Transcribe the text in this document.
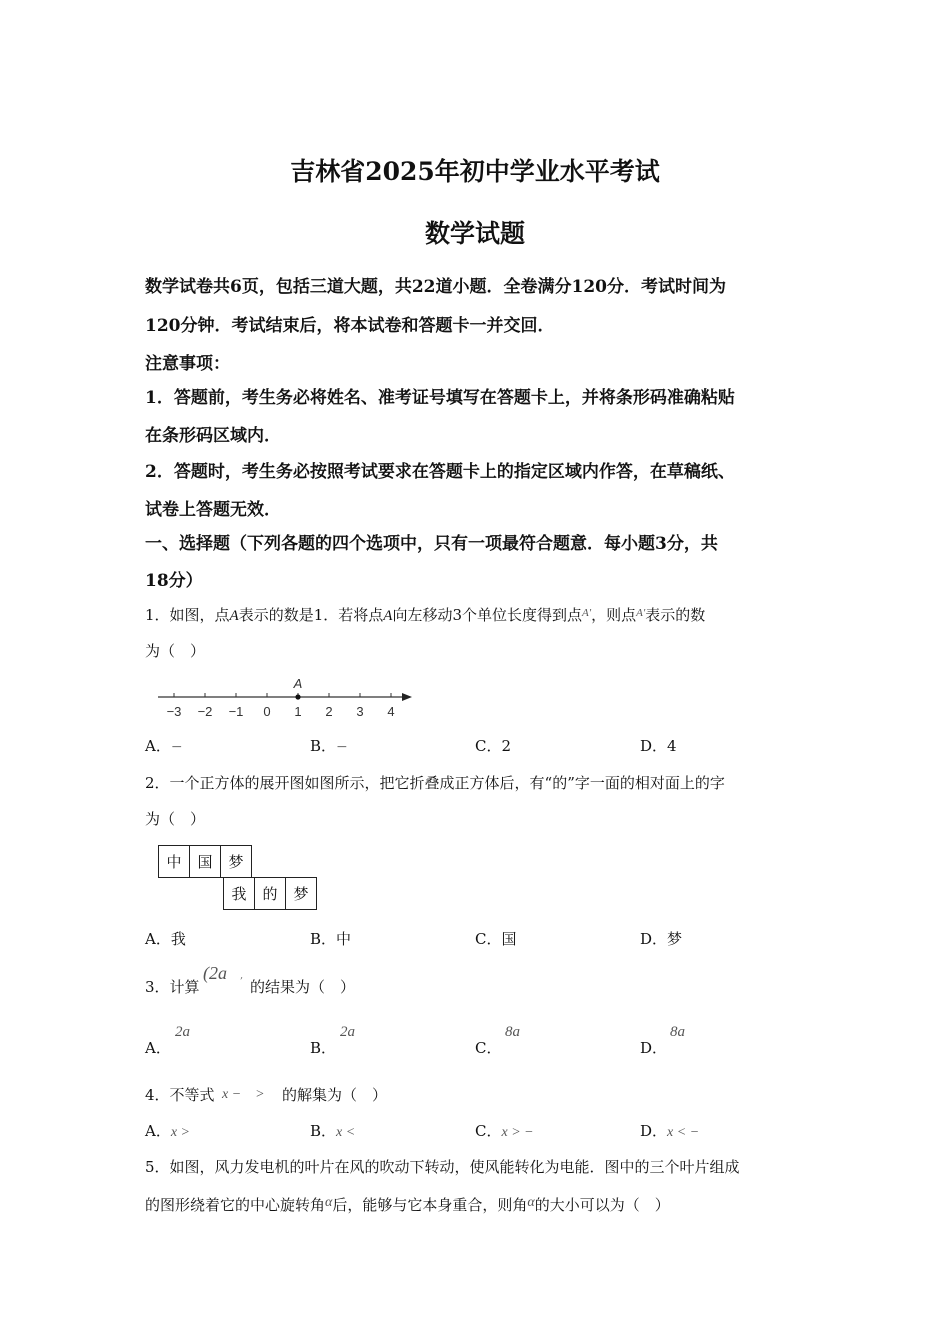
吉林省2025年初中学业水平考试
数学试题
数学试卷共6页，包括三道大题，共22道小题．全卷满分120分．考试时间为
120分钟．考试结束后，将本试卷和答题卡一并交回．
注意事项：
1．答题前，考生务必将姓名、准考证号填写在答题卡上，并将条形码准确粘贴
在条形码区域内．
2．答题时，考生务必按照考试要求在答题卡上的指定区域内作答，在草稿纸、
试卷上答题无效．
一、选择题（下列各题的四个选项中，只有一项最符合题意．每小题3分，共
18分）
1．如图，点A表示的数是1．若将点A向左移动3个单位长度得到点$^{A'}$，则点$^{A'}$表示的数
为（　）
−3 −2 −1 0 1 2 3 4
A
A．−	B．−	C．2	D．4
2．一个正方体的展开图如图所示，把它折叠成正方体后，有“的”字一面的相对面上的字
为（　）
中	国	梦
我	的	梦
A．我	B．中	C．国	D．梦
3．计算
(2a ,
的结果为（　）
A．
2a
B．
2a
C．
8a
D．
8a
4．不等式 x −　> 的解集为（　）
A．x >	B．x <	C．x > −	D．x < −
5．如图，风力发电机的叶片在风的吹动下转动，使风能转化为电能．图中的三个叶片组成
的图形绕着它的中心旋转角α后，能够与它本身重合，则角α的大小可以为（　）
